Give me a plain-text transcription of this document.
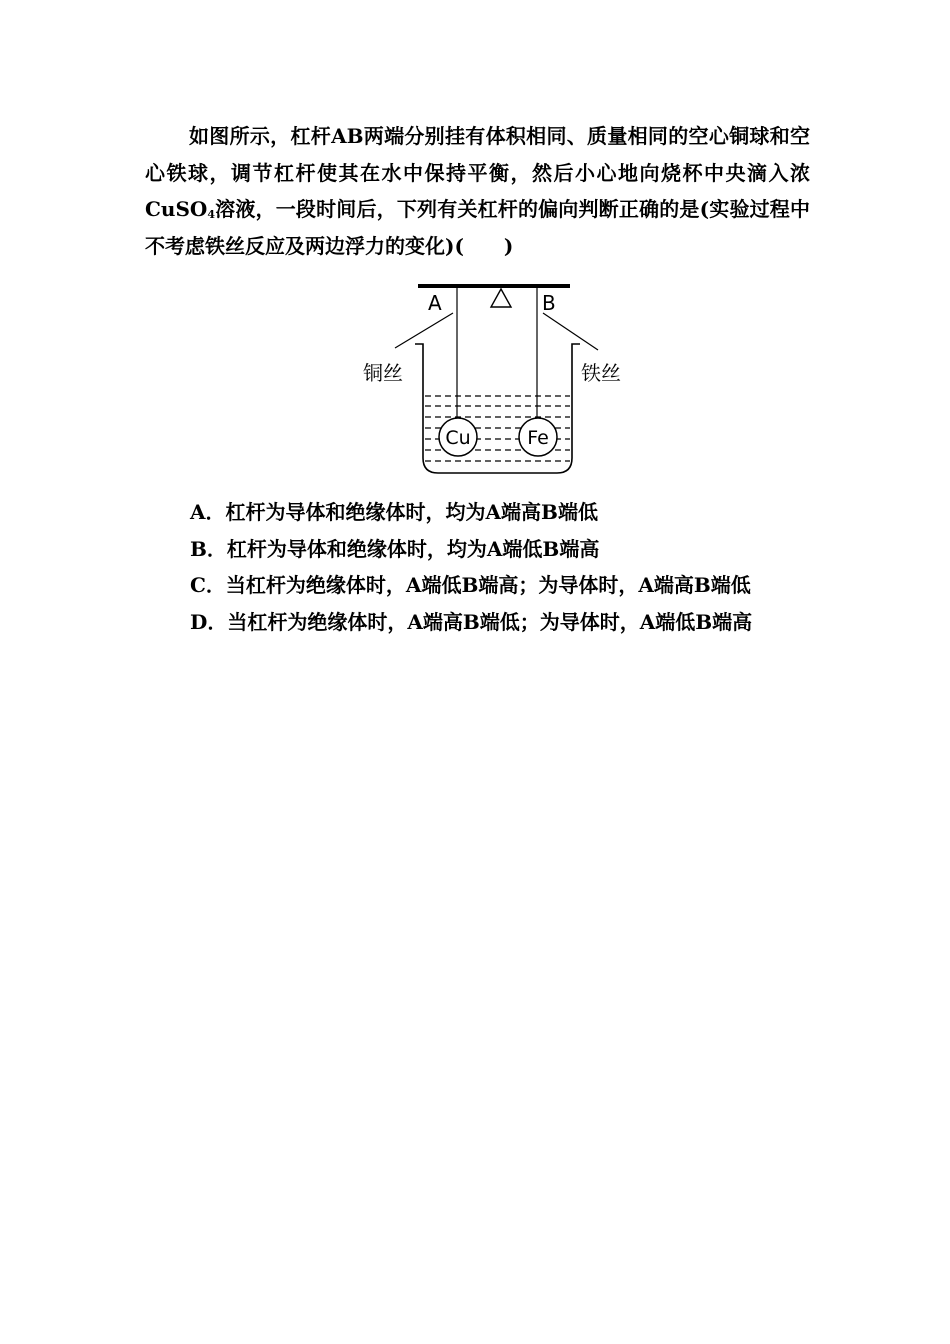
如图所示，杠杆AB两端分别挂有体积相同、质量相同的空心铜球和空心铁球，调节杠杆使其在水中保持平衡，然后小心地向烧杯中央滴入浓CuSO$_4$溶液，一段时间后，下列有关杠杆的偏向判断正确的是(实验过程中不考虑铁丝反应及两边浮力的变化)(　　)

A	B
Cu	Fe
铜丝	铁丝
A．杠杆为导体和绝缘体时，均为A端高B端低
B．杠杆为导体和绝缘体时，均为A端低B端高
C．当杠杆为绝缘体时，A端低B端高；为导体时，A端高B端低
D．当杠杆为绝缘体时，A端高B端低；为导体时，A端低B端高
